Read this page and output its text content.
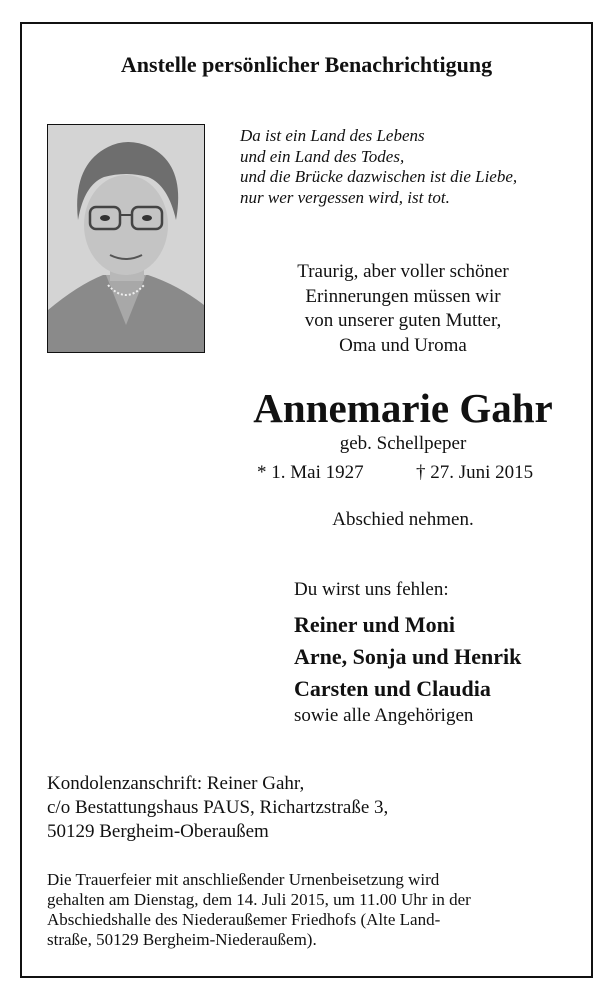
Anstelle persönlicher Benachrichtigung
Da ist ein Land des Lebens
und ein Land des Todes,
und die Brücke dazwischen ist die Liebe,
nur wer vergessen wird, ist tot.
Traurig, aber voller schöner
Erinnerungen müssen wir
von unserer guten Mutter,
Oma und Uroma
Annemarie Gahr
geb. Schellpeper
* 1. Mai 1927	† 27. Juni 2015
Abschied nehmen.
Du wirst uns fehlen:
Reiner und Moni
Arne, Sonja und Henrik
Carsten und Claudia
sowie alle Angehörigen
Kondolenzanschrift: Reiner Gahr,
c/o Bestattungshaus PAUS, Richartzstraße 3,
50129 Bergheim-Oberaußem
Die Trauerfeier mit anschließender Urnenbeisetzung wird
gehalten am Dienstag, dem 14. Juli 2015, um 11.00 Uhr in der
Abschiedshalle des Niederaußemer Friedhofs (Alte Land-
straße, 50129 Bergheim-Niederaußem).
